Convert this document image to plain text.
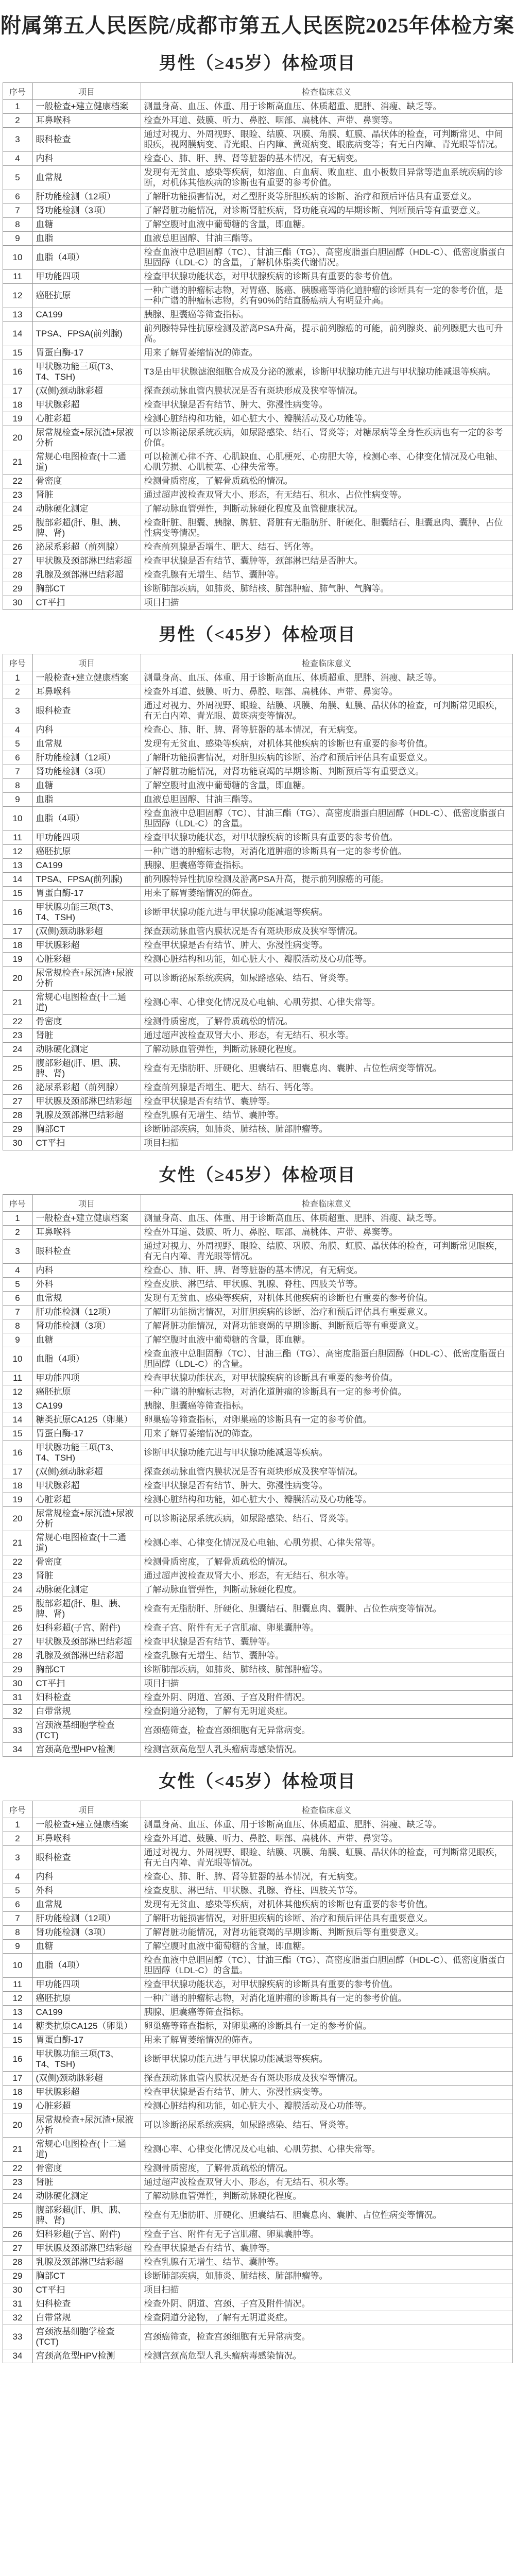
附属第五人民医院/成都市第五人民医院2025年体检方案
男性（≥45岁）体检项目
序号	项目	检查临床意义
1	一般检查+建立健康档案	测量身高、血压、体重、用于诊断高血压、体质超重、肥胖、消瘦、缺乏等。
2	耳鼻喉科	检查外耳道、鼓膜、听力、鼻腔、咽部、扁桃体、声带、鼻窦等。
3	眼科检查	通过对视力、外周视野、眼睑、结膜、巩膜、角膜、虹膜、晶状体的检查，可判断常见、中间眼疾，视网膜病变、青光眼、白内障、黄斑病变、眼底病变等；有无白内障、青光眼等情况。
4	内科	检查心、肺、肝、脾、肾等脏器的基本情况，有无病变。
5	血常规	发现有无贫血、感染等疾病，如溶血、白血病、败血症、血小板数目异常等造血系统疾病的诊断，对机体其他疾病的诊断也有重要的参考价值。
6	肝功能检测（12项）	了解肝功能损害情况，对乙型肝炎等肝胆疾病的诊断、治疗和预后评估具有重要意义。
7	肾功能检测（3项）	了解肾脏功能情况，对诊断肾脏疾病，肾功能衰竭的早期诊断、判断预后等有重要意义。
8	血糖	了解空腹时血液中葡萄糖的含量，即血糖。
9	血脂	血液总胆固醇、甘油三酯等。
10	血脂（4项）	检查血液中总胆固醇（TC）、甘油三酯（TG）、高密度脂蛋白胆固醇（HDL-C）、低密度脂蛋白胆固醇（LDL-C）的含量，了解机体脂类代谢情况。
11	甲功能四项	检查甲状腺功能状态，对甲状腺疾病的诊断具有重要的参考价值。
12	癌胚抗原	一种广谱的肿瘤标志物，对胃癌、肠癌、胰腺癌等消化道肿瘤的诊断具有一定的参考价值，是一种广谱的肿瘤标志物，约有90%的结直肠癌病人有明显升高。
13	CA199	胰腺、胆囊癌等筛查指标。
14	TPSA、FPSA(前列腺)	前列腺特异性抗原检测及游离PSA升高，提示前列腺癌的可能，前列腺炎、前列腺肥大也可升高。
15	胃蛋白酶-17	用来了解胃萎缩情况的筛查。
16	甲状腺功能三项(T3、T4、TSH)	T3是由甲状腺滤泡细胞合成及分泌的激素，诊断甲状腺功能亢进与甲状腺功能减退等疾病。
17	(双侧)颈动脉彩超	探查颈动脉血管内膜状况是否有斑块形成及狭窄等情况。
18	甲状腺彩超	检查甲状腺是否有结节、肿大、弥漫性病变等。
19	心脏彩超	检测心脏结构和功能，如心脏大小、瓣膜活动及心功能等。
20	尿常规检查+尿沉渣+尿液分析	可以诊断泌尿系统疾病，如尿路感染、结石、肾炎等；对糖尿病等全身性疾病也有一定的参考价值。
21	常规心电图检查(十二通道)	可以检测心律不齐、心肌缺血、心肌梗死、心房肥大等，检测心率、心律变化情况及心电轴、心肌劳损、心肌梗塞、心律失常等。
22	骨密度	检测骨质密度，了解骨质疏松的情况。
23	肾脏	通过超声波检查双肾大小、形态，有无结石、积水、占位性病变等。
24	动脉硬化测定	了解动脉血管弹性，判断动脉硬化程度及血管健康状况。
25	腹部彩超(肝、胆、胰、脾、肾)	检查肝脏、胆囊、胰腺、脾脏、肾脏有无脂肪肝、肝硬化、胆囊结石、胆囊息肉、囊肿、占位性病变等情况。
26	泌尿系彩超（前列腺）	检查前列腺是否增生、肥大、结石、钙化等。
27	甲状腺及颈部淋巴结彩超	检查甲状腺是否有结节、囊肿等，颈部淋巴结是否肿大。
28	乳腺及颈部淋巴结彩超	检查乳腺有无增生、结节、囊肿等。
29	胸部CT	诊断肺部疾病，如肺炎、肺结核、肺部肿瘤、肺气肿、气胸等。
30	CT平扫	项目扫描
男性（<45岁）体检项目
序号	项目	检查临床意义
1	一般检查+建立健康档案	测量身高、血压、体重、用于诊断高血压、体质超重、肥胖、消瘦、缺乏等。
2	耳鼻喉科	检查外耳道、鼓膜、听力、鼻腔、咽部、扁桃体、声带、鼻窦等。
3	眼科检查	通过对视力、外周视野、眼睑、结膜、巩膜、角膜、虹膜、晶状体的检查，可判断常见眼疾，有无白内障、青光眼、黄斑病变等情况。
4	内科	检查心、肺、肝、脾、肾等脏器的基本情况，有无病变。
5	血常规	发现有无贫血、感染等疾病，对机体其他疾病的诊断也有重要的参考价值。
6	肝功能检测（12项）	了解肝功能损害情况，对肝胆疾病的诊断、治疗和预后评估具有重要意义。
7	肾功能检测（3项）	了解肾脏功能情况，对肾功能衰竭的早期诊断、判断预后等有重要意义。
8	血糖	了解空腹时血液中葡萄糖的含量，即血糖。
9	血脂	血液总胆固醇、甘油三酯等。
10	血脂（4项）	检查血液中总胆固醇（TC）、甘油三酯（TG）、高密度脂蛋白胆固醇（HDL-C）、低密度脂蛋白胆固醇（LDL-C）的含量。
11	甲功能四项	检查甲状腺功能状态，对甲状腺疾病的诊断具有重要的参考价值。
12	癌胚抗原	一种广谱的肿瘤标志物，对消化道肿瘤的诊断具有一定的参考价值。
13	CA199	胰腺、胆囊癌等筛查指标。
14	TPSA、FPSA(前列腺)	前列腺特异性抗原检测及游离PSA升高，提示前列腺癌的可能。
15	胃蛋白酶-17	用来了解胃萎缩情况的筛查。
16	甲状腺功能三项(T3、T4、TSH)	诊断甲状腺功能亢进与甲状腺功能减退等疾病。
17	(双侧)颈动脉彩超	探查颈动脉血管内膜状况是否有斑块形成及狭窄等情况。
18	甲状腺彩超	检查甲状腺是否有结节、肿大、弥漫性病变等。
19	心脏彩超	检测心脏结构和功能，如心脏大小、瓣膜活动及心功能等。
20	尿常规检查+尿沉渣+尿液分析	可以诊断泌尿系统疾病，如尿路感染、结石、肾炎等。
21	常规心电图检查(十二通道)	检测心率、心律变化情况及心电轴、心肌劳损、心律失常等。
22	骨密度	检测骨质密度，了解骨质疏松的情况。
23	肾脏	通过超声波检查双肾大小、形态，有无结石、积水等。
24	动脉硬化测定	了解动脉血管弹性，判断动脉硬化程度。
25	腹部彩超(肝、胆、胰、脾、肾)	检查有无脂肪肝、肝硬化、胆囊结石、胆囊息肉、囊肿、占位性病变等情况。
26	泌尿系彩超（前列腺）	检查前列腺是否增生、肥大、结石、钙化等。
27	甲状腺及颈部淋巴结彩超	检查甲状腺是否有结节、囊肿等。
28	乳腺及颈部淋巴结彩超	检查乳腺有无增生、结节、囊肿等。
29	胸部CT	诊断肺部疾病，如肺炎、肺结核、肺部肿瘤等。
30	CT平扫	项目扫描
女性（≥45岁）体检项目
序号	项目	检查临床意义
1	一般检查+建立健康档案	测量身高、血压、体重、用于诊断高血压、体质超重、肥胖、消瘦、缺乏等。
2	耳鼻喉科	检查外耳道、鼓膜、听力、鼻腔、咽部、扁桃体、声带、鼻窦等。
3	眼科检查	通过对视力、外周视野、眼睑、结膜、巩膜、角膜、虹膜、晶状体的检查，可判断常见眼疾，有无白内障、青光眼等情况。
4	内科	检查心、肺、肝、脾、肾等脏器的基本情况，有无病变。
5	外科	检查皮肤、淋巴结、甲状腺、乳腺、脊柱、四肢关节等。
6	血常规	发现有无贫血、感染等疾病，对机体其他疾病的诊断也有重要的参考价值。
7	肝功能检测（12项）	了解肝功能损害情况，对肝胆疾病的诊断、治疗和预后评估具有重要意义。
8	肾功能检测（3项）	了解肾脏功能情况，对肾功能衰竭的早期诊断、判断预后等有重要意义。
9	血糖	了解空腹时血液中葡萄糖的含量，即血糖。
10	血脂（4项）	检查血液中总胆固醇（TC）、甘油三酯（TG）、高密度脂蛋白胆固醇（HDL-C）、低密度脂蛋白胆固醇（LDL-C）的含量。
11	甲功能四项	检查甲状腺功能状态，对甲状腺疾病的诊断具有重要的参考价值。
12	癌胚抗原	一种广谱的肿瘤标志物，对消化道肿瘤的诊断具有一定的参考价值。
13	CA199	胰腺、胆囊癌等筛查指标。
14	糖类抗原CA125（卵巢）	卵巢癌等筛查指标，对卵巢癌的诊断具有一定的参考价值。
15	胃蛋白酶-17	用来了解胃萎缩情况的筛查。
16	甲状腺功能三项(T3、T4、TSH)	诊断甲状腺功能亢进与甲状腺功能减退等疾病。
17	(双侧)颈动脉彩超	探查颈动脉血管内膜状况是否有斑块形成及狭窄等情况。
18	甲状腺彩超	检查甲状腺是否有结节、肿大、弥漫性病变等。
19	心脏彩超	检测心脏结构和功能，如心脏大小、瓣膜活动及心功能等。
20	尿常规检查+尿沉渣+尿液分析	可以诊断泌尿系统疾病，如尿路感染、结石、肾炎等。
21	常规心电图检查(十二通道)	检测心率、心律变化情况及心电轴、心肌劳损、心律失常等。
22	骨密度	检测骨质密度，了解骨质疏松的情况。
23	肾脏	通过超声波检查双肾大小、形态，有无结石、积水等。
24	动脉硬化测定	了解动脉血管弹性，判断动脉硬化程度。
25	腹部彩超(肝、胆、胰、脾、肾)	检查有无脂肪肝、肝硬化、胆囊结石、胆囊息肉、囊肿、占位性病变等情况。
26	妇科彩超(子宫、附件)	检查子宫、附件有无子宫肌瘤、卵巢囊肿等。
27	甲状腺及颈部淋巴结彩超	检查甲状腺是否有结节、囊肿等。
28	乳腺及颈部淋巴结彩超	检查乳腺有无增生、结节、囊肿等。
29	胸部CT	诊断肺部疾病，如肺炎、肺结核、肺部肿瘤等。
30	CT平扫	项目扫描
31	妇科检查	检查外阴、阴道、宫颈、子宫及附件情况。
32	白带常规	检查阴道分泌物，了解有无阴道炎症。
33	宫颈液基细胞学检查(TCT)	宫颈癌筛查，检查宫颈细胞有无异常病变。
34	宫颈高危型HPV检测	检测宫颈高危型人乳头瘤病毒感染情况。
女性（<45岁）体检项目
序号	项目	检查临床意义
1	一般检查+建立健康档案	测量身高、血压、体重、用于诊断高血压、体质超重、肥胖、消瘦、缺乏等。
2	耳鼻喉科	检查外耳道、鼓膜、听力、鼻腔、咽部、扁桃体、声带、鼻窦等。
3	眼科检查	通过对视力、外周视野、眼睑、结膜、巩膜、角膜、虹膜、晶状体的检查，可判断常见眼疾，有无白内障、青光眼等情况。
4	内科	检查心、肺、肝、脾、肾等脏器的基本情况，有无病变。
5	外科	检查皮肤、淋巴结、甲状腺、乳腺、脊柱、四肢关节等。
6	血常规	发现有无贫血、感染等疾病，对机体其他疾病的诊断也有重要的参考价值。
7	肝功能检测（12项）	了解肝功能损害情况，对肝胆疾病的诊断、治疗和预后评估具有重要意义。
8	肾功能检测（3项）	了解肾脏功能情况，对肾功能衰竭的早期诊断、判断预后等有重要意义。
9	血糖	了解空腹时血液中葡萄糖的含量，即血糖。
10	血脂（4项）	检查血液中总胆固醇（TC）、甘油三酯（TG）、高密度脂蛋白胆固醇（HDL-C）、低密度脂蛋白胆固醇（LDL-C）的含量。
11	甲功能四项	检查甲状腺功能状态，对甲状腺疾病的诊断具有重要的参考价值。
12	癌胚抗原	一种广谱的肿瘤标志物，对消化道肿瘤的诊断具有一定的参考价值。
13	CA199	胰腺、胆囊癌等筛查指标。
14	糖类抗原CA125（卵巢）	卵巢癌等筛查指标，对卵巢癌的诊断具有一定的参考价值。
15	胃蛋白酶-17	用来了解胃萎缩情况的筛查。
16	甲状腺功能三项(T3、T4、TSH)	诊断甲状腺功能亢进与甲状腺功能减退等疾病。
17	(双侧)颈动脉彩超	探查颈动脉血管内膜状况是否有斑块形成及狭窄等情况。
18	甲状腺彩超	检查甲状腺是否有结节、肿大、弥漫性病变等。
19	心脏彩超	检测心脏结构和功能，如心脏大小、瓣膜活动及心功能等。
20	尿常规检查+尿沉渣+尿液分析	可以诊断泌尿系统疾病，如尿路感染、结石、肾炎等。
21	常规心电图检查(十二通道)	检测心率、心律变化情况及心电轴、心肌劳损、心律失常等。
22	骨密度	检测骨质密度，了解骨质疏松的情况。
23	肾脏	通过超声波检查双肾大小、形态，有无结石、积水等。
24	动脉硬化测定	了解动脉血管弹性，判断动脉硬化程度。
25	腹部彩超(肝、胆、胰、脾、肾)	检查有无脂肪肝、肝硬化、胆囊结石、胆囊息肉、囊肿、占位性病变等情况。
26	妇科彩超(子宫、附件)	检查子宫、附件有无子宫肌瘤、卵巢囊肿等。
27	甲状腺及颈部淋巴结彩超	检查甲状腺是否有结节、囊肿等。
28	乳腺及颈部淋巴结彩超	检查乳腺有无增生、结节、囊肿等。
29	胸部CT	诊断肺部疾病，如肺炎、肺结核、肺部肿瘤等。
30	CT平扫	项目扫描
31	妇科检查	检查外阴、阴道、宫颈、子宫及附件情况。
32	白带常规	检查阴道分泌物，了解有无阴道炎症。
33	宫颈液基细胞学检查(TCT)	宫颈癌筛查，检查宫颈细胞有无异常病变。
34	宫颈高危型HPV检测	检测宫颈高危型人乳头瘤病毒感染情况。
